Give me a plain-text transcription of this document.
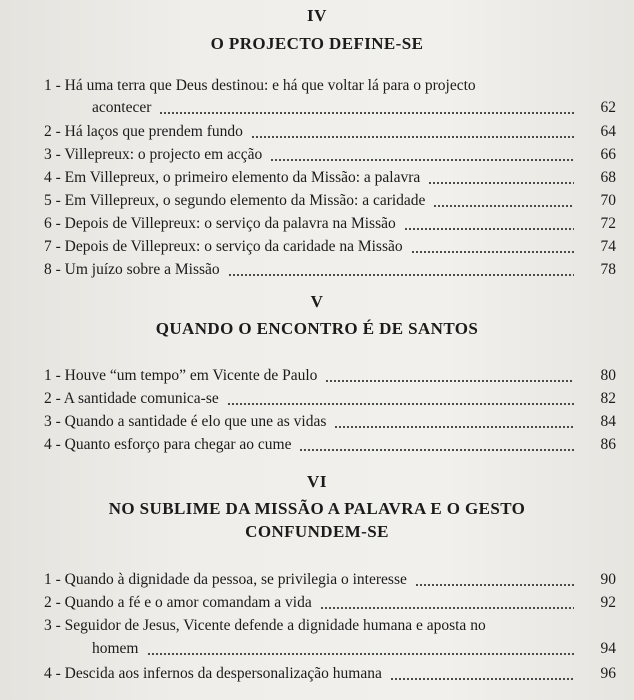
IV
O PROJECTO DEFINE-SE
1 - Há uma terra que Deus destinou: e há que voltar lá para o projecto
acontecer	62
2 - Há laços que prendem fundo	64
3 - Villepreux: o projecto em acção	66
4 - Em Villepreux, o primeiro elemento da Missão: a palavra	68
5 - Em Villepreux, o segundo elemento da Missão: a caridade	70
6 - Depois de Villepreux: o serviço da palavra na Missão	72
7 - Depois de Villepreux: o serviço da caridade na Missão	74
8 - Um juízo sobre a Missão	78
V
QUANDO O ENCONTRO É DE SANTOS
1 - Houve “um tempo” em Vicente de Paulo	80
2 - A santidade comunica-se	82
3 - Quando a santidade é elo que une as vidas	84
4 - Quanto esforço para chegar ao cume	86
VI
NO SUBLIME DA MISSÃO A PALAVRA E O GESTO
CONFUNDEM-SE
1 - Quando à dignidade da pessoa, se privilegia o interesse	90
2 - Quando a fé e o amor comandam a vida	92
3 - Seguidor de Jesus, Vicente defende a dignidade humana e aposta no
homem	94
4 - Descida aos infernos da despersonalização humana	96
